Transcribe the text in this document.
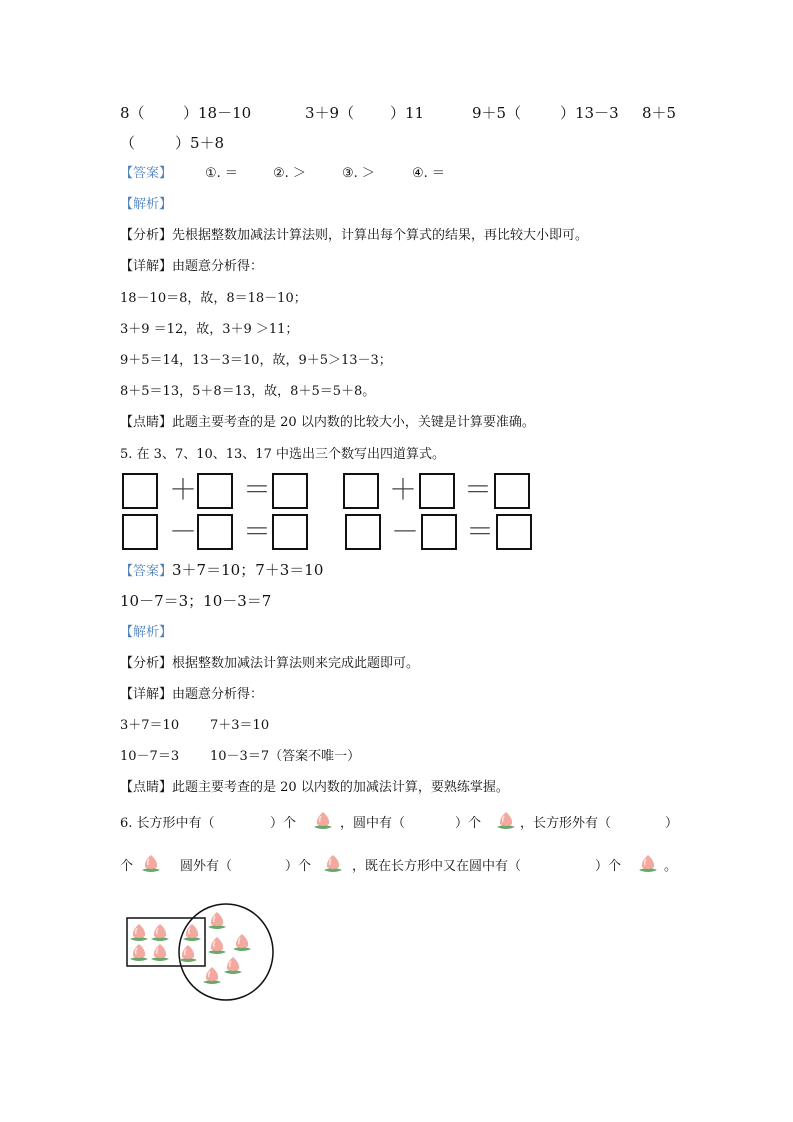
8（	）18－10	3＋9（ ）11	9＋5（	）13－3 8＋5
（	）5＋8
【答案】	①. ＝	②. ＞	③. ＞	④. ＝
【解析】
【分析】先根据整数加减法计算法则，计算出每个算式的结果，再比较大小即可。
【详解】由题意分析得：
18－10＝8，故，8＝18－10；
3＋9 ＝12，故，3＋9 ＞11；
9＋5＝14，13－3＝10，故，9＋5＞13－3；
8＋5＝13，5＋8＝13，故，8＋5＝5＋8。
【点睛】此题主要考查的是 20 以内数的比较大小，关键是计算要准确。
5. 在 3、7、10、13、17 中选出三个数写出四道算式。
＋ ＝	＋ ＝
－ ＝	－ ＝
【答案】3＋7＝10；7＋3＝10
10－7＝3；10－3＝7
【解析】
【分析】根据整数加减法计算法则来完成此题即可。
【详解】由题意分析得：
3＋7＝10 7＋3＝10
10－7＝3 10－3＝7（答案不唯一）
【点睛】此题主要考查的是 20 以内数的加减法计算，要熟练掌握。
6. 长方形中有（	）个	，圆中有（	）个	，长方形外有（	）
个	圆外有（	）个	，既在长方形中又在圆中有（	）个	。
